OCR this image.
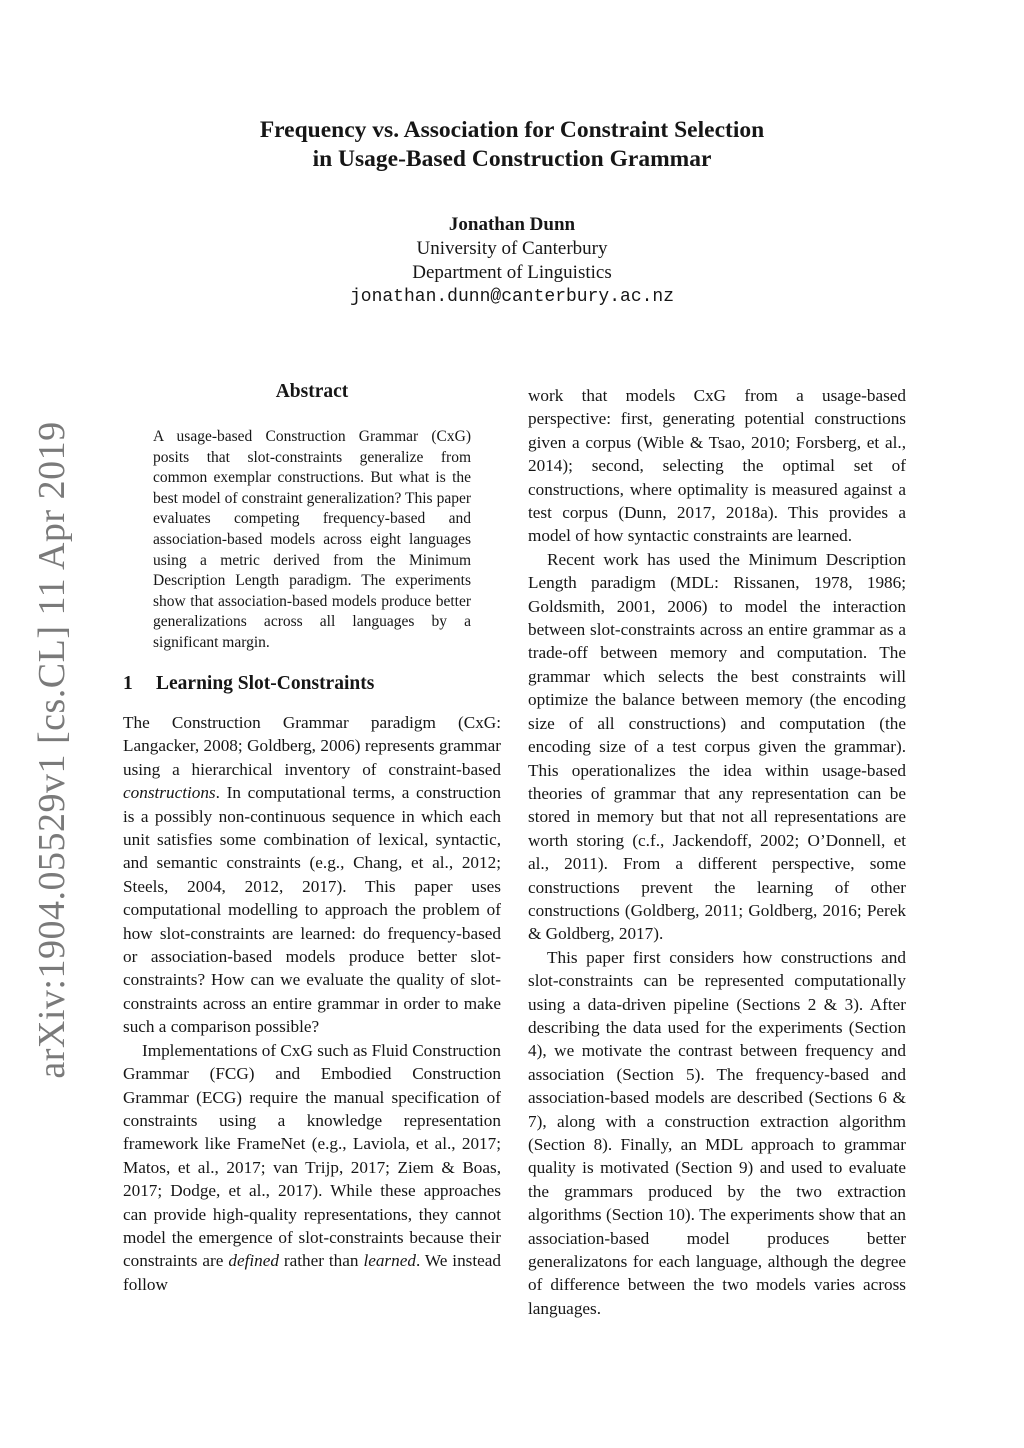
arXiv:1904.05529v1 [cs.CL] 11 Apr 2019
Frequency vs. Association for Constraint Selection
in Usage-Based Construction Grammar
Jonathan Dunn
University of Canterbury
Department of Linguistics
jonathan.dunn@canterbury.ac.nz
Abstract
A usage-based Construction Grammar (CxG) posits that slot-constraints generalize from common exemplar constructions. But what is the best model of constraint generalization? This paper evaluates competing frequency-based and association-based models across eight languages using a metric derived from the Minimum Description Length paradigm. The experiments show that association-based models produce better generalizations across all languages by a significant margin.
1 Learning Slot-Constraints

The Construction Grammar paradigm (CxG: Langacker, 2008; Goldberg, 2006) represents grammar using a hierarchical inventory of constraint-based constructions. In computational terms, a construction is a possibly non-continuous sequence in which each unit satisfies some combination of lexical, syntactic, and semantic constraints (e.g., Chang, et al., 2012; Steels, 2004, 2012, 2017). This paper uses computational modelling to approach the problem of how slot-constraints are learned: do frequency-based or association-based models produce better slot-constraints? How can we evaluate the quality of slot-constraints across an entire grammar in order to make such a comparison possible?

Implementations of CxG such as Fluid Construction Grammar (FCG) and Embodied Construction Grammar (ECG) require the manual specification of constraints using a knowledge representation framework like FrameNet (e.g., Laviola, et al., 2017; Matos, et al., 2017; van Trijp, 2017; Ziem & Boas, 2017; Dodge, et al., 2017). While these approaches can provide high-quality representations, they cannot model the emergence of slot-constraints because their constraints are defined rather than learned. We instead follow

work that models CxG from a usage-based perspective: first, generating potential constructions given a corpus (Wible & Tsao, 2010; Forsberg, et al., 2014); second, selecting the optimal set of constructions, where optimality is measured against a test corpus (Dunn, 2017, 2018a). This provides a model of how syntactic constraints are learned.

Recent work has used the Minimum Description Length paradigm (MDL: Rissanen, 1978, 1986; Goldsmith, 2001, 2006) to model the interaction between slot-constraints across an entire grammar as a trade-off between memory and computation. The grammar which selects the best constraints will optimize the balance between memory (the encoding size of all constructions) and computation (the encoding size of a test corpus given the grammar). This operationalizes the idea within usage-based theories of grammar that any representation can be stored in memory but that not all representations are worth storing (c.f., Jackendoff, 2002; O’Donnell, et al., 2011). From a different perspective, some constructions prevent the learning of other constructions (Goldberg, 2011; Goldberg, 2016; Perek & Goldberg, 2017).

This paper first considers how constructions and slot-constraints can be represented computationally using a data-driven pipeline (Sections 2 & 3). After describing the data used for the experiments (Section 4), we motivate the contrast between frequency and association (Section 5). The frequency-based and association-based models are described (Sections 6 & 7), along with a construction extraction algorithm (Section 8). Finally, an MDL approach to grammar quality is motivated (Section 9) and used to evaluate the grammars produced by the two extraction algorithms (Section 10). The experiments show that an association-based model produces better generalizatons for each language, although the degree of difference between the two models varies across languages.
